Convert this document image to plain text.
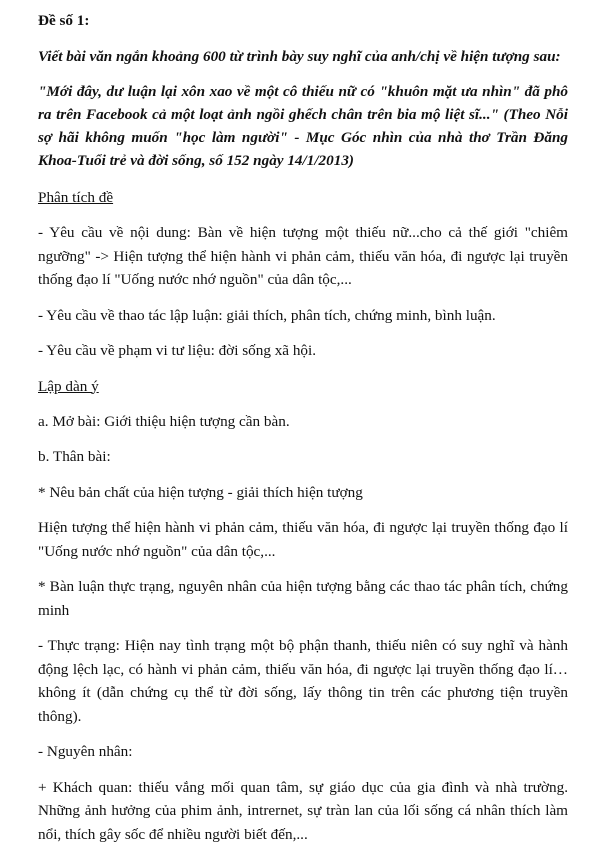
Đề số 1:

Viết bài văn ngắn khoảng 600 từ trình bày suy nghĩ của anh/chị về hiện tượng sau:

"Mới đây, dư luận lại xôn xao về một cô thiếu nữ có "khuôn mặt ưa nhìn" đã phô ra trên Facebook cả một loạt ảnh ngồi ghếch chân trên bia mộ liệt sĩ..." (Theo Nỗi sợ hãi không muốn "học làm người" - Mục Góc nhìn của nhà thơ Trần Đăng Khoa-Tuổi trẻ và đời sống, số 152 ngày 14/1/2013)

Phân tích đề

- Yêu cầu về nội dung: Bàn về hiện tượng một thiếu nữ...cho cả thế giới "chiêm ngưỡng" -> Hiện tượng thể hiện hành vi phản cảm, thiếu văn hóa, đi ngược lại truyền thống đạo lí "Uống nước nhớ nguồn" của dân tộc,...

- Yêu cầu về thao tác lập luận: giải thích, phân tích, chứng minh, bình luận.

- Yêu cầu về phạm vi tư liệu: đời sống xã hội.

Lập dàn ý

a. Mở bài: Giới thiệu hiện tượng cần bàn.

b. Thân bài:

* Nêu bản chất của hiện tượng - giải thích hiện tượng

Hiện tượng thể hiện hành vi phản cảm, thiếu văn hóa, đi ngược lại truyền thống đạo lí "Uống nước nhớ nguồn" của dân tộc,...

* Bàn luận thực trạng, nguyên nhân của hiện tượng bằng các thao tác phân tích, chứng minh

- Thực trạng: Hiện nay tình trạng một bộ phận thanh, thiếu niên có suy nghĩ và hành động lệch lạc, có hành vi phản cảm, thiếu văn hóa, đi ngược lại truyền thống đạo lí… không ít (dẫn chứng cụ thể từ đời sống, lấy thông tin trên các phương tiện truyền thông).

- Nguyên nhân:

+ Khách quan: thiếu vắng mối quan tâm, sự giáo dục của gia đình và nhà trường. Những ảnh hưởng của phim ảnh, intrernet, sự tràn lan của lối sống cá nhân thích làm nổi, thích gây sốc để nhiều người biết đến,...
